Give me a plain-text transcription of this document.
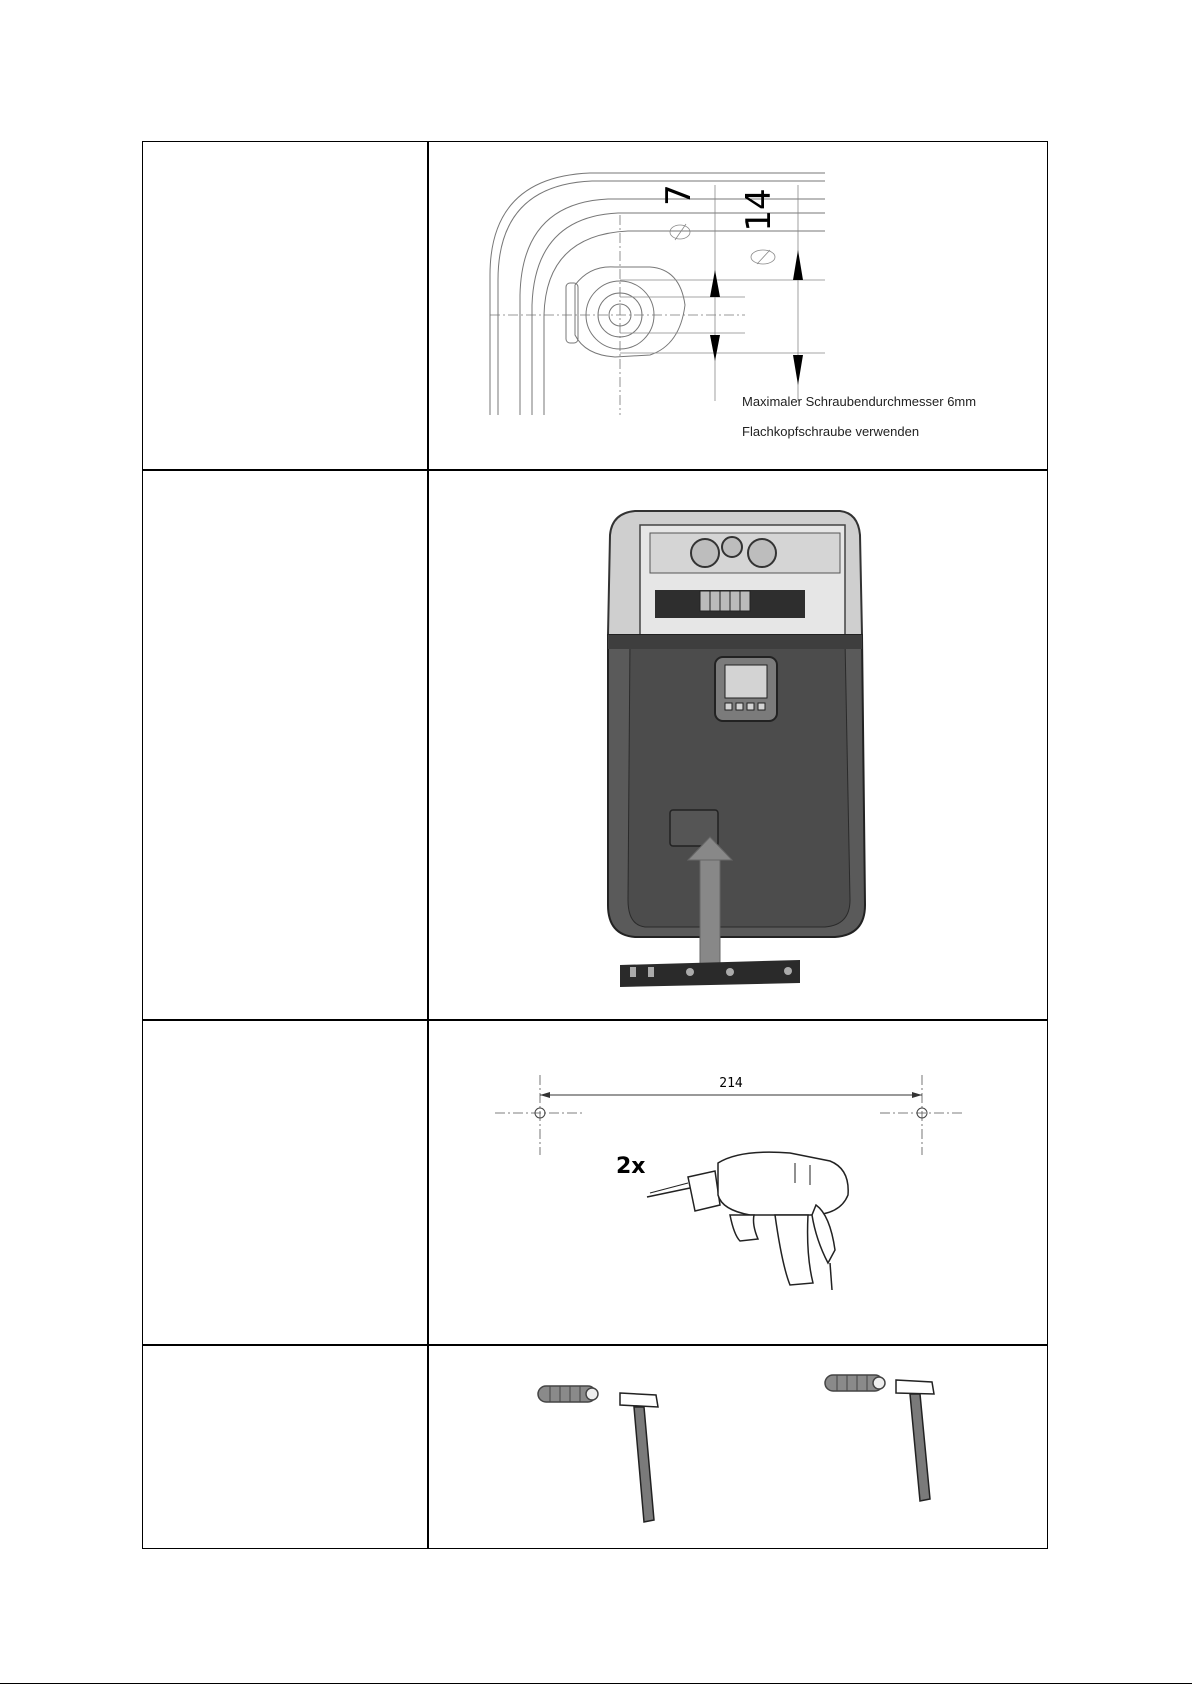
7 14
Maximaler Schraubendurchmesser 6mm
Flachkopfschraube verwenden
214
2x
